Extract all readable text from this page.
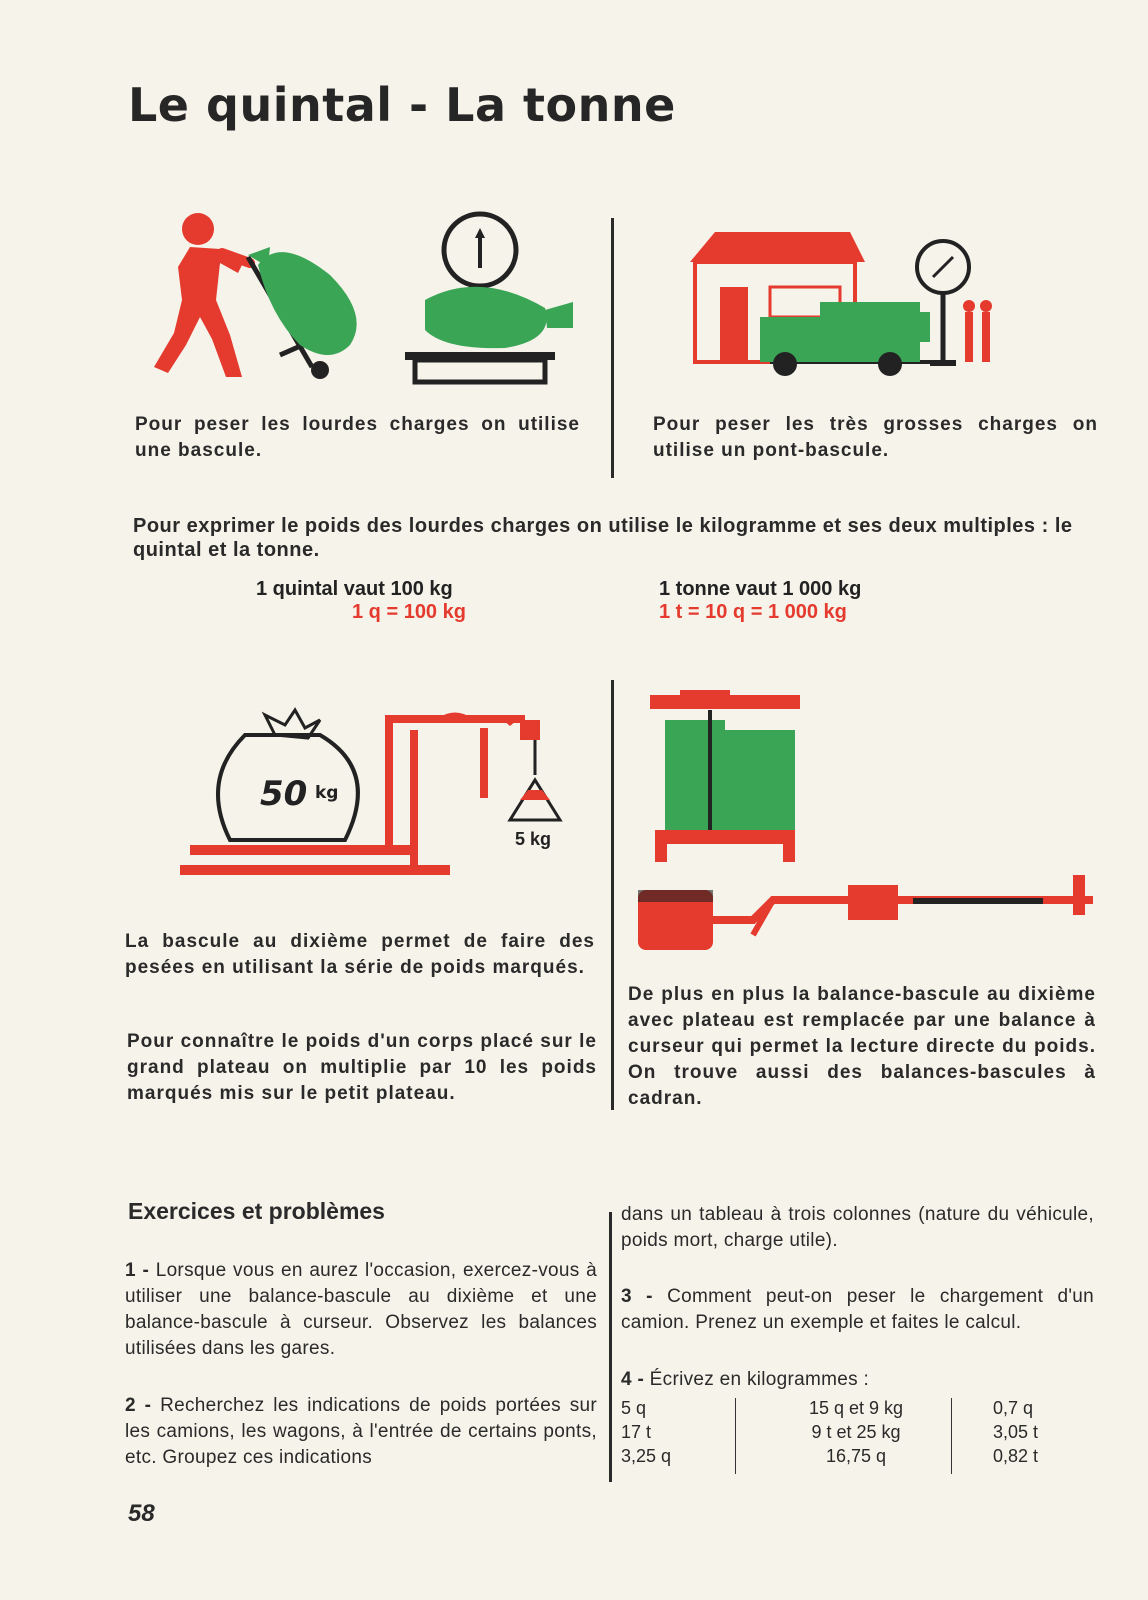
Le quintal - La tonne
Pour peser les lourdes charges on utilise une bascule.
Pour peser les très grosses charges on utilise un pont-bascule.
Pour exprimer le poids des lourdes charges on utilise le kilogramme et ses deux multiples : le quintal et la tonne.
1 quintal vaut 100 kg
1 q = 100 kg
1 tonne vaut 1 000 kg
1 t = 10 q = 1 000 kg
50 kg
5 kg
La bascule au dixième permet de faire des pesées en utilisant la série de poids marqués.
Pour connaître le poids d'un corps placé sur le grand plateau on multiplie par 10 les poids marqués mis sur le petit plateau.
De plus en plus la balance-bascule au dixième avec plateau est remplacée par une balance à curseur qui permet la lecture directe du poids. On trouve aussi des balances-bascules à cadran.
Exercices et problèmes
1 - Lorsque vous en aurez l'occasion, exercez-vous à utiliser une balance-bascule au dixième et une balance-bascule à curseur. Observez les balances utilisées dans les gares.
2 - Recherchez les indications de poids portées sur les camions, les wagons, à l'entrée de certains ponts, etc. Groupez ces indications
dans un tableau à trois colonnes (nature du véhicule, poids mort, charge utile).
3 - Comment peut-on peser le chargement d'un camion. Prenez un exemple et faites le calcul.
4 - Écrivez en kilogrammes :
5 q
17 t
3,25 q
15 q et 9 kg
9 t et 25 kg
16,75 q
0,7 q
3,05 t
0,82 t
58
